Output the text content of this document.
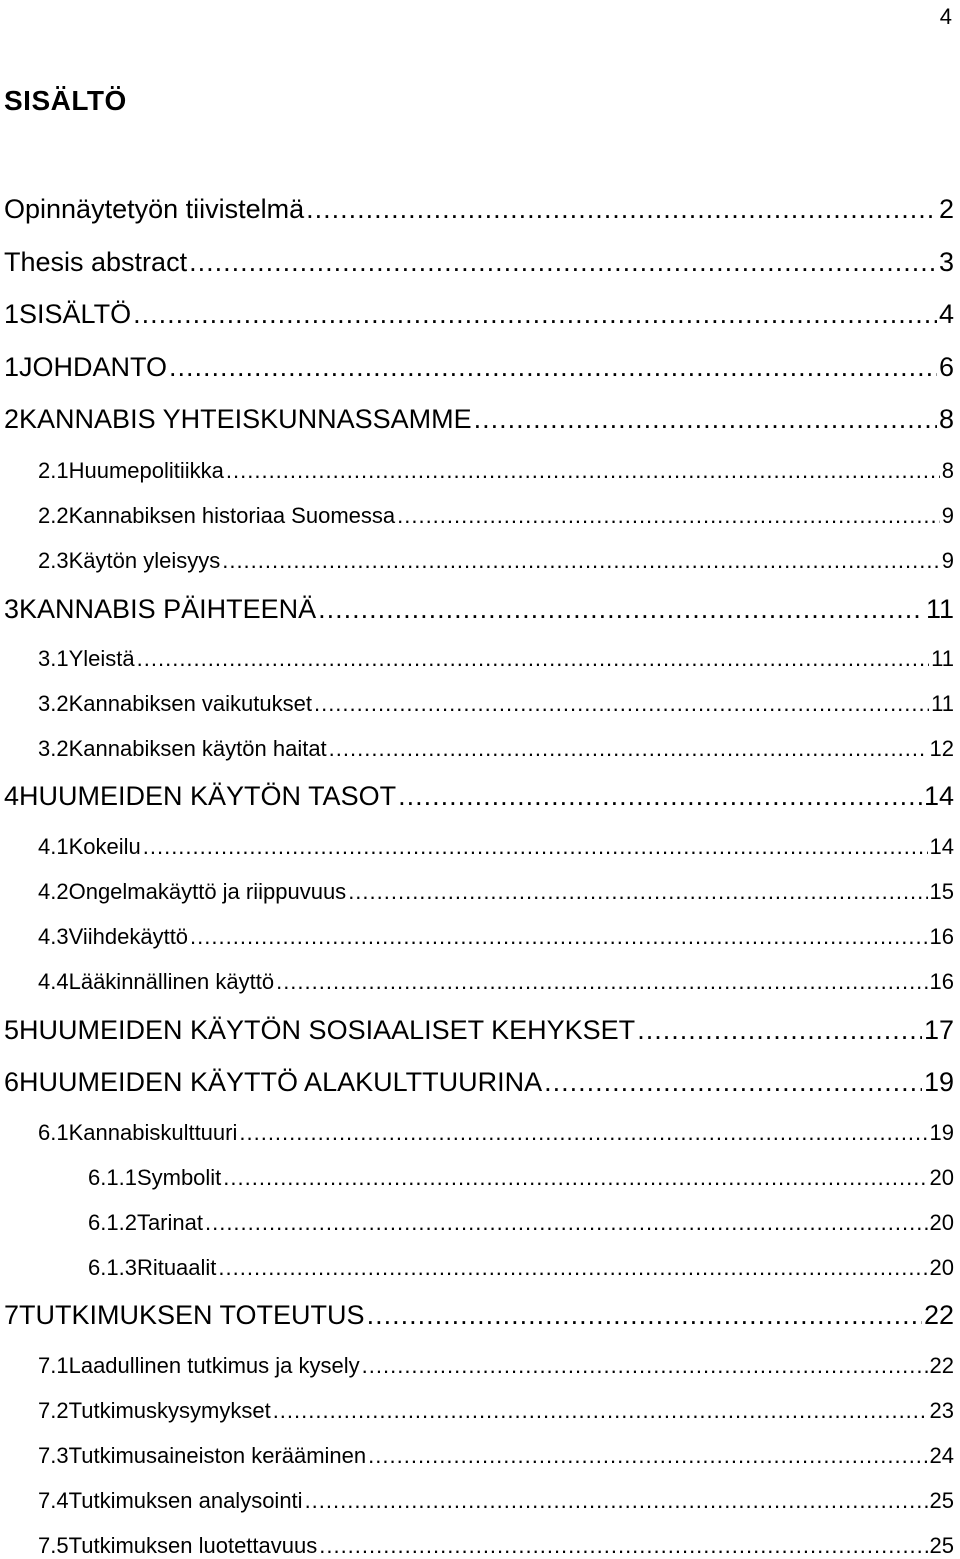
4
SISÄLTÖ
Opinnäytetyön tiivistelmä .....	2
Thesis abstract .....	3
1 SISÄLTÖ .....	4
1 JOHDANTO .....	6
2 KANNABIS YHTEISKUNNASSAMME .....	8
2.1 Huumepolitiikka .....	8
2.2 Kannabiksen historiaa Suomessa .....	9
2.3 Käytön yleisyys .....	9
3 KANNABIS PÄIHTEENÄ .....	11
3.1 Yleistä .....	11
3.2 Kannabiksen vaikutukset .....	11
3.2 Kannabiksen käytön haitat .....	12
4 HUUMEIDEN KÄYTÖN TASOT .....	14
4.1 Kokeilu .....	14
4.2 Ongelmakäyttö ja riippuvuus .....	15
4.3 Viihdekäyttö .....	16
4.4 Lääkinnällinen käyttö .....	16
5 HUUMEIDEN KÄYTÖN SOSIAALISET KEHYKSET .....	17
6 HUUMEIDEN KÄYTTÖ ALAKULTTUURINA .....	19
6.1 Kannabiskulttuuri .....	19
6.1.1 Symbolit .....	20
6.1.2 Tarinat .....	20
6.1.3 Rituaalit .....	20
7 TUTKIMUKSEN TOTEUTUS .....	22
7.1 Laadullinen tutkimus ja kysely .....	22
7.2 Tutkimuskysymykset .....	23
7.3 Tutkimusaineiston kerääminen .....	24
7.4 Tutkimuksen analysointi .....	25
7.5 Tutkimuksen luotettavuus .....	25
